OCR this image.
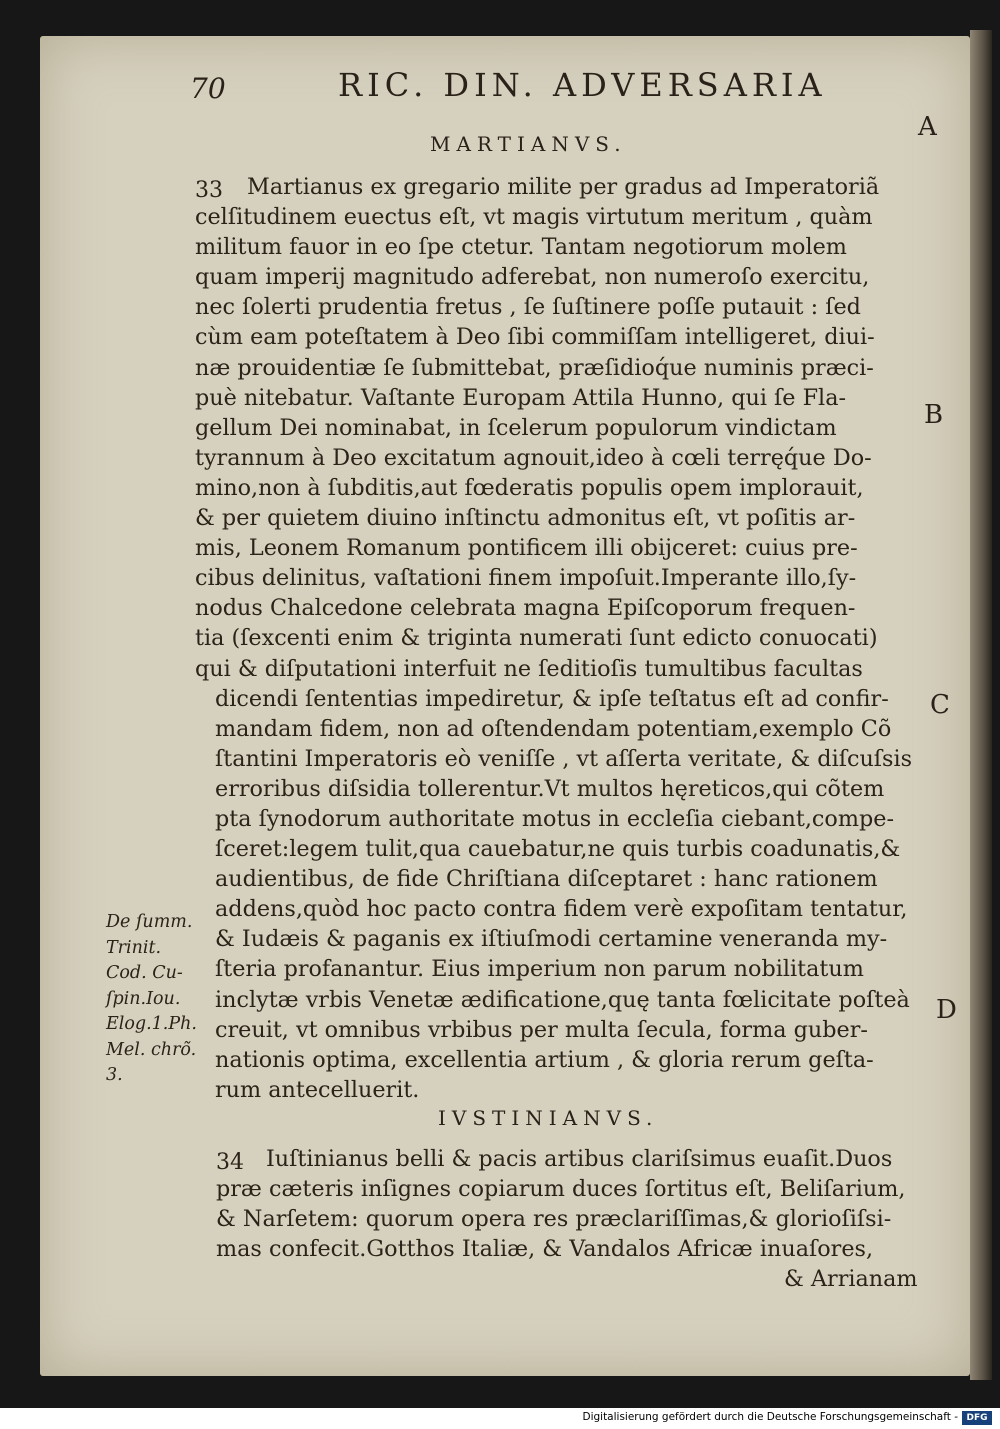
70	RIC. DIN. ADVERSARIA
A
B
C
D
MARTIANVS.
33	Martianus ex gregario milite per gradus ad Imperatoriã
celſitudinem euectus eſt, vt magis virtutum meritum , quàm
militum fauor in eo ſpe ctetur. Tantam negotiorum molem
quam imperij magnitudo adferebat, non numeroſo exercitu,
nec ſolerti prudentia fretus , ſe ſuſtinere poſſe putauit : ſed
cùm eam poteſtatem à Deo ſibi commiſſam intelligeret, diui-
næ prouidentiæ ſe ſubmittebat, præſidioq́ue numinis præci-
puè nitebatur. Vaſtante Europam Attila Hunno, qui ſe Fla-
gellum Dei nominabat, in ſcelerum populorum vindictam
tyrannum à Deo excitatum agnouit,ideo à cœli terręq́ue Do-
mino,non à ſubditis,aut fœderatis populis opem implorauit,
& per quietem diuino inſtinctu admonitus eſt, vt poſitis ar-
mis, Leonem Romanum pontificem illi obijceret: cuius pre-
cibus delinitus, vaſtationi finem impoſuit.Imperante illo,ſy-
nodus Chalcedone celebrata magna Epiſcoporum frequen-
tia (ſexcenti enim & triginta numerati ſunt edicto conuocati)
qui & diſputationi interfuit ne ſeditioſis tumultibus facultas
dicendi ſententias impediretur, & ipſe teſtatus eſt ad confir-
mandam fidem, non ad oſtendendam potentiam,exemplo Cõ
ſtantini Imperatoris eò veniſſe , vt aſſerta veritate, & diſcuſsis
erroribus diſsidia tollerentur.Vt multos hęreticos,qui cõtem
pta ſynodorum authoritate motus in eccleſia ciebant,compe-
ſceret:legem tulit,qua cauebatur,ne quis turbis coadunatis,&
audientibus, de fide Chriſtiana diſceptaret : hanc rationem
addens,quòd hoc pacto contra fidem verè expoſitam tentatur,
& Iudæis & paganis ex iſtiuſmodi certamine veneranda my-
ſteria profanantur. Eius imperium non parum nobilitatum
inclytæ vrbis Venetæ ædificatione,quę tanta fœlicitate poſteà
creuit, vt omnibus vrbibus per multa ſecula, forma guber-
nationis optima, excellentia artium , & gloria rerum geſta-
rum antecelluerit.
De ſumm.
Trinit.
Cod. Cu-
ſpin.Iou.
Elog.1.Ph.
Mel. chrõ.
3.
IVSTINIANVS.
34 Iuſtinianus belli & pacis artibus clariſsimus euaſit.Duos
præ cæteris inſignes copiarum duces ſortitus eſt, Beliſarium,
& Narſetem: quorum opera res præclariſſimas,& glorioſiſsi-
mas confecit.Gotthos Italiæ, & Vandalos Africæ inuaſores,
& Arrianam
Digitalisierung gefördert durch die Deutsche Forschungsgemeinschaft - DFG
